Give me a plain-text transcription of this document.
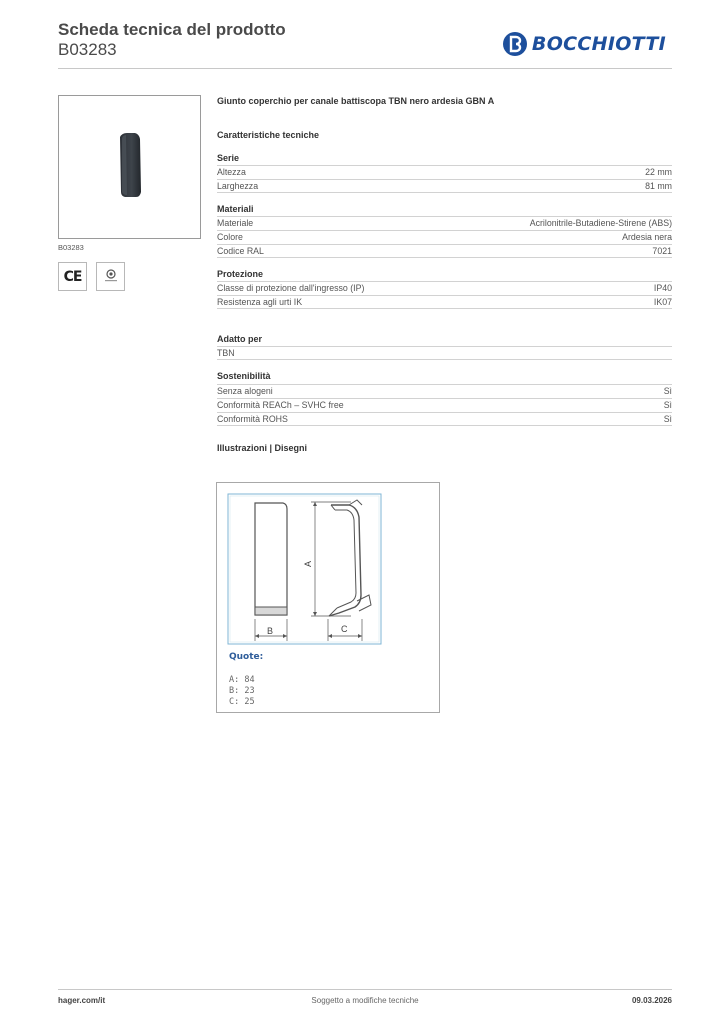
Scheda tecnica del prodotto
B03283	BOCCHIOTTI
B03283
CE
Giunto coperchio per canale battiscopa TBN nero ardesia GBN A
Caratteristiche tecniche
Serie
Altezza	22 mm
Larghezza	81 mm
Materiali
Materiale	Acrilonitrile-Butadiene-Stirene (ABS)
Colore	Ardesia nera
Codice RAL	7021
Protezione
Classe di protezione dall'ingresso (IP)	IP40
Resistenza agli urti IK	IK07
Adatto per
TBN
Sostenibilità
Senza alogeni	Sì
Conformità REACh – SVHC free	Sì
Conformità ROHS	Sì
Illustrazioni | Disegni
B
A
C
Quote:
A: 84
B: 23
C: 25
hager.com/it	Soggetto a modifiche tecniche	09.03.2026
